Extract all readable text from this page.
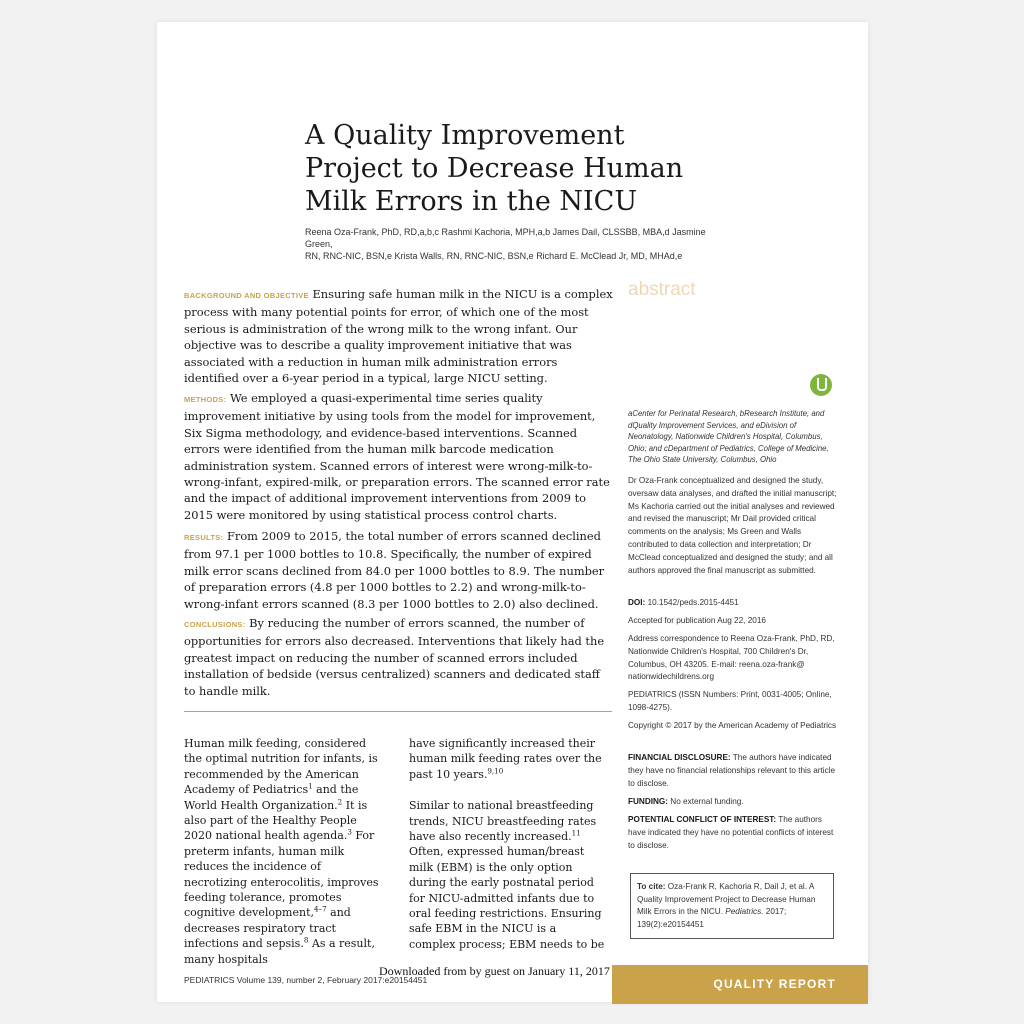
A Quality Improvement
Project to Decrease Human
Milk Errors in the NICU
Reena Oza-Frank, PhD, RD,a,b,c Rashmi Kachoria, MPH,a,b James Dail, CLSSBB, MBA,d Jasmine Green,
RN, RNC-NIC, BSN,e Krista Walls, RN, RNC-NIC, BSN,e Richard E. McClead Jr, MD, MHAd,e
abstract

BACKGROUND AND OBJECTIVE Ensuring safe human milk in the NICU is a complex process with many potential points for error, of which one of the most serious is administration of the wrong milk to the wrong infant. Our objective was to describe a quality improvement initiative that was associated with a reduction in human milk administration errors identified over a 6-year period in a typical, large NICU setting.

METHODS: We employed a quasi-experimental time series quality improvement initiative by using tools from the model for improvement, Six Sigma methodology, and evidence-based interventions. Scanned errors were identified from the human milk barcode medication administration system. Scanned errors of interest were wrong-milk-to-wrong-infant, expired-milk, or preparation errors. The scanned error rate and the impact of additional improvement interventions from 2009 to 2015 were monitored by using statistical process control charts.

RESULTS: From 2009 to 2015, the total number of errors scanned declined from 97.1 per 1000 bottles to 10.8. Specifically, the number of expired milk error scans declined from 84.0 per 1000 bottles to 8.9. The number of preparation errors (4.8 per 1000 bottles to 2.2) and wrong-milk-to-wrong-infant errors scanned (8.3 per 1000 bottles to 2.0) also declined.

CONCLUSIONS: By reducing the number of errors scanned, the number of opportunities for errors also decreased. Interventions that likely had the greatest impact on reducing the number of scanned errors included installation of bedside (versus centralized) scanners and dedicated staff to handle milk.

Human milk feeding, considered the optimal nutrition for infants, is recommended by the American Academy of Pediatrics$^1$ and the World Health Organization.$^2$ It is also part of the Healthy People 2020 national health agenda.$^3$ For preterm infants, human milk reduces the incidence of necrotizing enterocolitis, improves feeding tolerance, promotes cognitive development,$^{4-7}$ and decreases respiratory tract infections and sepsis.$^8$ As a result, many hospitals

have significantly increased their human milk feeding rates over the past 10 years.$^{9,10}$
Similar to national breastfeeding trends, NICU breastfeeding rates have also recently increased.$^{11}$ Often, expressed human/breast milk (EBM) is the only option during the early postnatal period for NICU-admitted infants due to oral feeding restrictions. Ensuring safe EBM in the NICU is a complex process; EBM needs to be

aCenter for Perinatal Research, bResearch Institute, and dQuality Improvement Services, and eDivision of Neonatology, Nationwide Children's Hospital, Columbus, Ohio; and cDepartment of Pediatrics, College of Medicine, The Ohio State University, Columbus, Ohio
Dr Oza-Frank conceptualized and designed the study, oversaw data analyses, and drafted the initial manuscript; Ms Kachoria carried out the initial analyses and reviewed and revised the manuscript; Mr Dail provided critical comments on the analysis; Ms Green and Walls contributed to data collection and interpretation; Dr McClead conceptualized and designed the study; and all authors approved the final manuscript as submitted.
DOI: 10.1542/peds.2015-4451
Accepted for publication Aug 22, 2016
Address correspondence to Reena Oza-Frank, PhD, RD, Nationwide Children's Hospital, 700 Children's Dr, Columbus, OH 43205. E-mail: reena.oza-frank@ nationwidechildrens.org
PEDIATRICS (ISSN Numbers: Print, 0031-4005; Online, 1098-4275).
Copyright © 2017 by the American Academy of Pediatrics
FINANCIAL DISCLOSURE: The authors have indicated they have no financial relationships relevant to this article to disclose.
FUNDING: No external funding.
POTENTIAL CONFLICT OF INTEREST: The authors have indicated they have no potential conflicts of interest to disclose.
To cite: Oza-Frank R, Kachoria R, Dail J, et al. A Quality Improvement Project to Decrease Human Milk Errors in the NICU. Pediatrics. 2017; 139(2):e20154451
PEDIATRICS Volume 139, number 2, February 2017:e20154451
Downloaded from by guest on January 11, 2017
QUALITY REPORT
